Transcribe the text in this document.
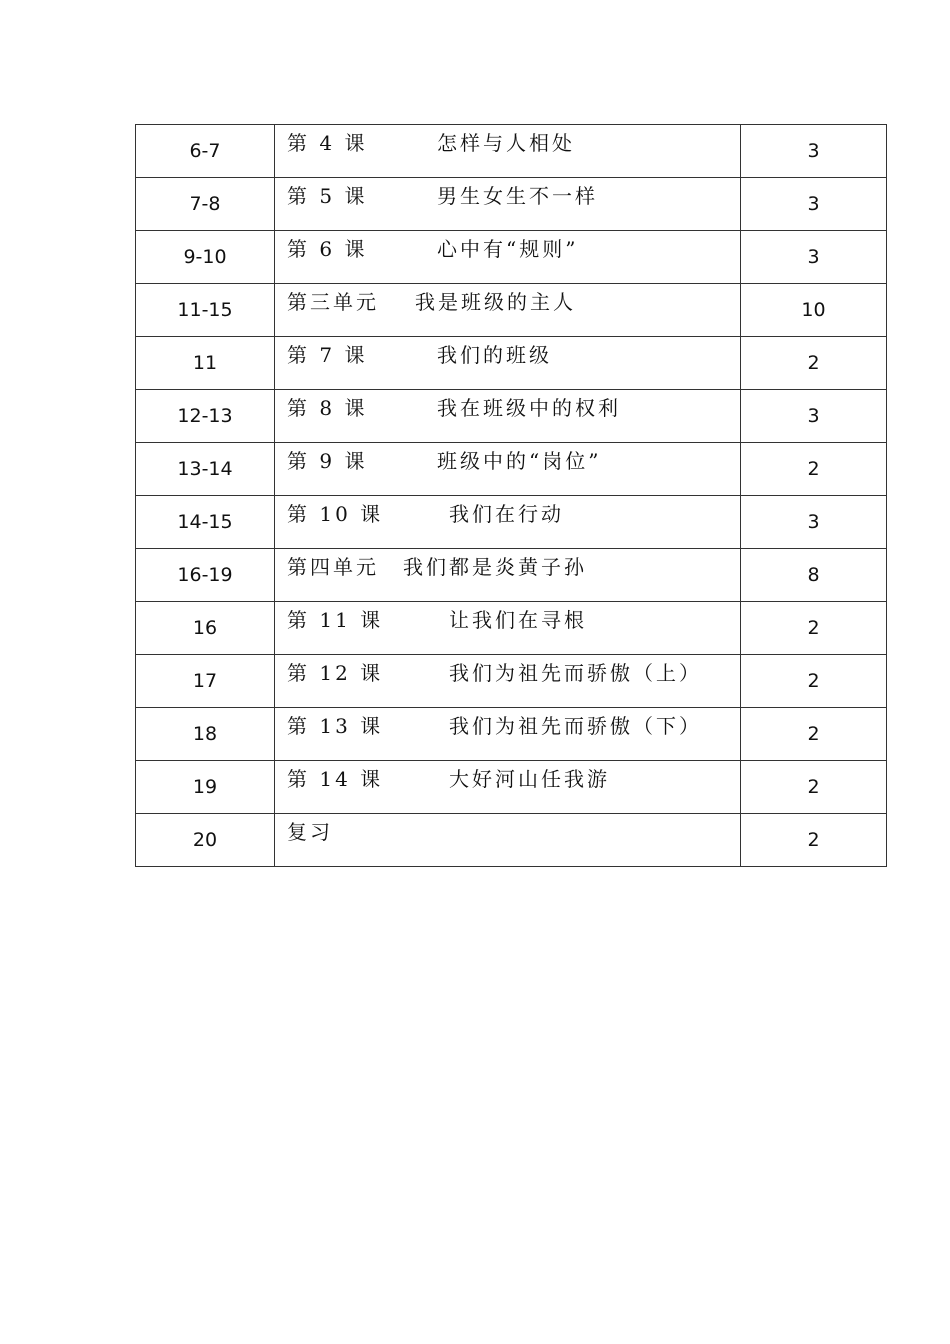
6-7	第 4 课 怎样与人相处	3
7-8	第 5 课 男生女生不一样	3
9-10	第 6 课 心中有“规则”	3
11-15	第三单元 我是班级的主人	10
11	第 7 课 我们的班级	2
12-13	第 8 课 我在班级中的权利	3
13-14	第 9 课 班级中的“岗位”	2
14-15	第 10 课 我们在行动	3
16-19	第四单元 我们都是炎黄子孙	8
16	第 11 课 让我们在寻根	2
17	第 12 课 我们为祖先而骄傲（上）	2
18	第 13 课 我们为祖先而骄傲（下）	2
19	第 14 课 大好河山任我游	2
20	复习	2
